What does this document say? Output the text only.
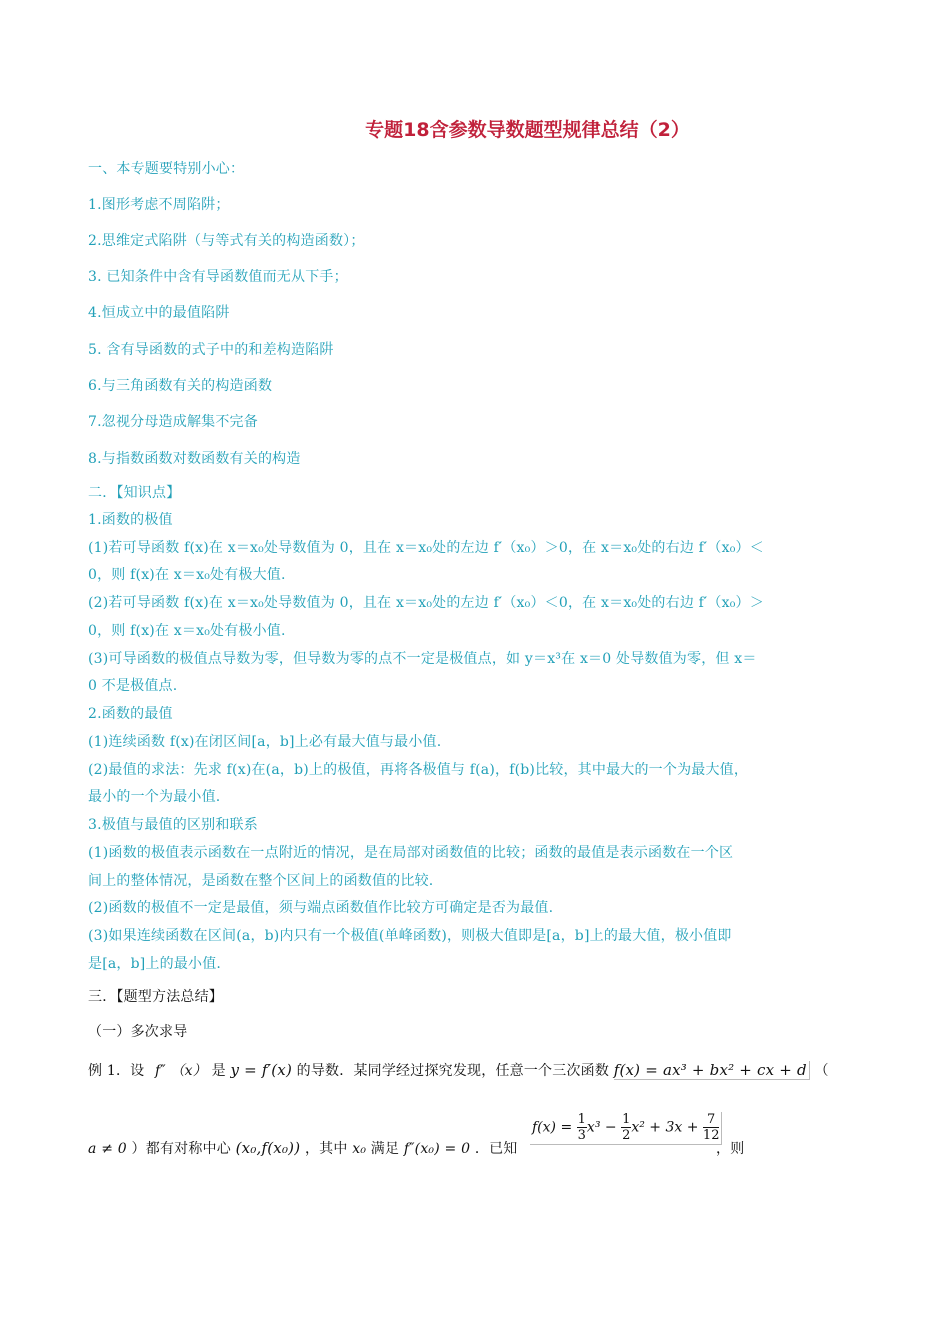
专题18含参数导数题型规律总结（2）
一、本专题要特别小心：
1.图形考虑不周陷阱；
2.思维定式陷阱（与等式有关的构造函数）；
3. 已知条件中含有导函数值而无从下手；
4.恒成立中的最值陷阱
5. 含有导函数的式子中的和差构造陷阱
6.与三角函数有关的构造函数
7.忽视分母造成解集不完备
8.与指数函数对数函数有关的构造
二．【知识点】
1.函数的极值
(1)若可导函数 f(x)在 x＝x₀处导数值为 0，且在 x＝x₀处的左边 f′（x₀）＞0，在 x＝x₀处的右边 f′（x₀）＜
0，则 f(x)在 x＝x₀处有极大值.
(2)若可导函数 f(x)在 x＝x₀处导数值为 0，且在 x＝x₀处的左边 f′（x₀）＜0，在 x＝x₀处的右边 f′（x₀）＞
0，则 f(x)在 x＝x₀处有极小值.
(3)可导函数的极值点导数为零，但导数为零的点不一定是极值点，如 y＝x³在 x＝0 处导数值为零，但 x＝
0 不是极值点.
2.函数的最值
(1)连续函数 f(x)在闭区间[a，b]上必有最大值与最小值.
(2)最值的求法：先求 f(x)在(a，b)上的极值，再将各极值与 f(a)，f(b)比较，其中最大的一个为最大值，
最小的一个为最小值.
3.极值与最值的区别和联系
(1)函数的极值表示函数在一点附近的情况，是在局部对函数值的比较；函数的最值是表示函数在一个区
间上的整体情况，是函数在整个区间上的函数值的比较.
(2)函数的极值不一定是最值，须与端点函数值作比较方可确定是否为最值.
(3)如果连续函数在区间(a，b)内只有一个极值(单峰函数)，则极大值即是[a，b]上的最大值，极小值即
是[a，b]上的最小值.
三．【题型方法总结】
（一）多次求导
例 1．设 f″ （x） 是 y = f′(x) 的导数．某同学经过探究发现，任意一个三次函数 f(x) = ax³ + bx² + cx + d （
a ≠ 0 ）都有对称中心 (x₀,f(x₀)) ，其中 x₀ 满足 f″(x₀) = 0 ．已知
$f(x) = \frac{1}{3} x^3 - \frac{1}{2} x^2 + 3x + \frac{7}{12}$
，则
